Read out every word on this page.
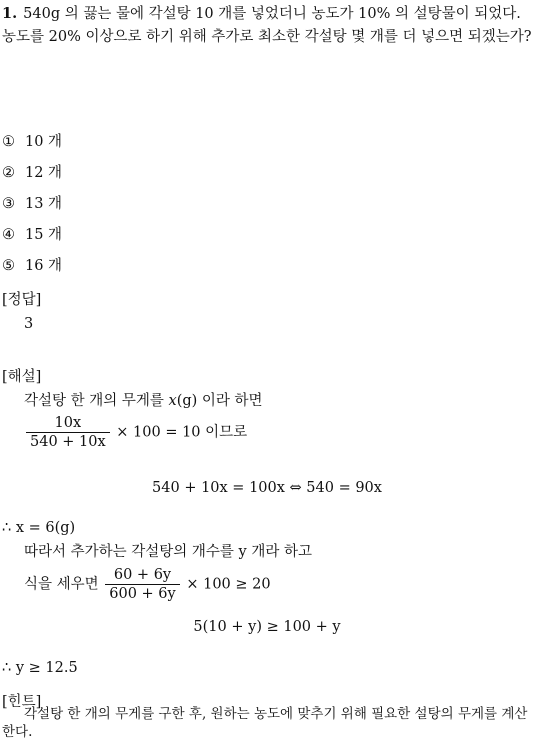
1. 540g 의 끓는 물에 각설탕 10 개를 넣었더니 농도가 10% 의 설탕물이 되었다. 농도를 20% 이상으로 하기 위해 추가로 최소한 각설탕 몇 개를 더 넣으면 되겠는가?
① 10 개
② 12 개
③ 13 개
④ 15 개
⑤ 16 개
[정답]
3
[해설]
각설탕 한 개의 무게를 x(g) 이라 하면
$\frac{10x}{540 + 10x} \times 100 = 10$ 이므로
540 + 10x = 100x ⇔ 540 = 90x
∴ x = 6(g)
따라서 추가하는 각설탕의 개수를 y 개라 하고
식을 세우면 $\frac{60 + 6y}{600 + 6y} \times 100 \ge 20$
5(10 + y) ≥ 100 + y
∴ y ≥ 12.5
[힌트]
각설탕 한 개의 무게를 구한 후, 원하는 농도에 맞추기 위해 필요한 설탕의 무게를 계산한다.
